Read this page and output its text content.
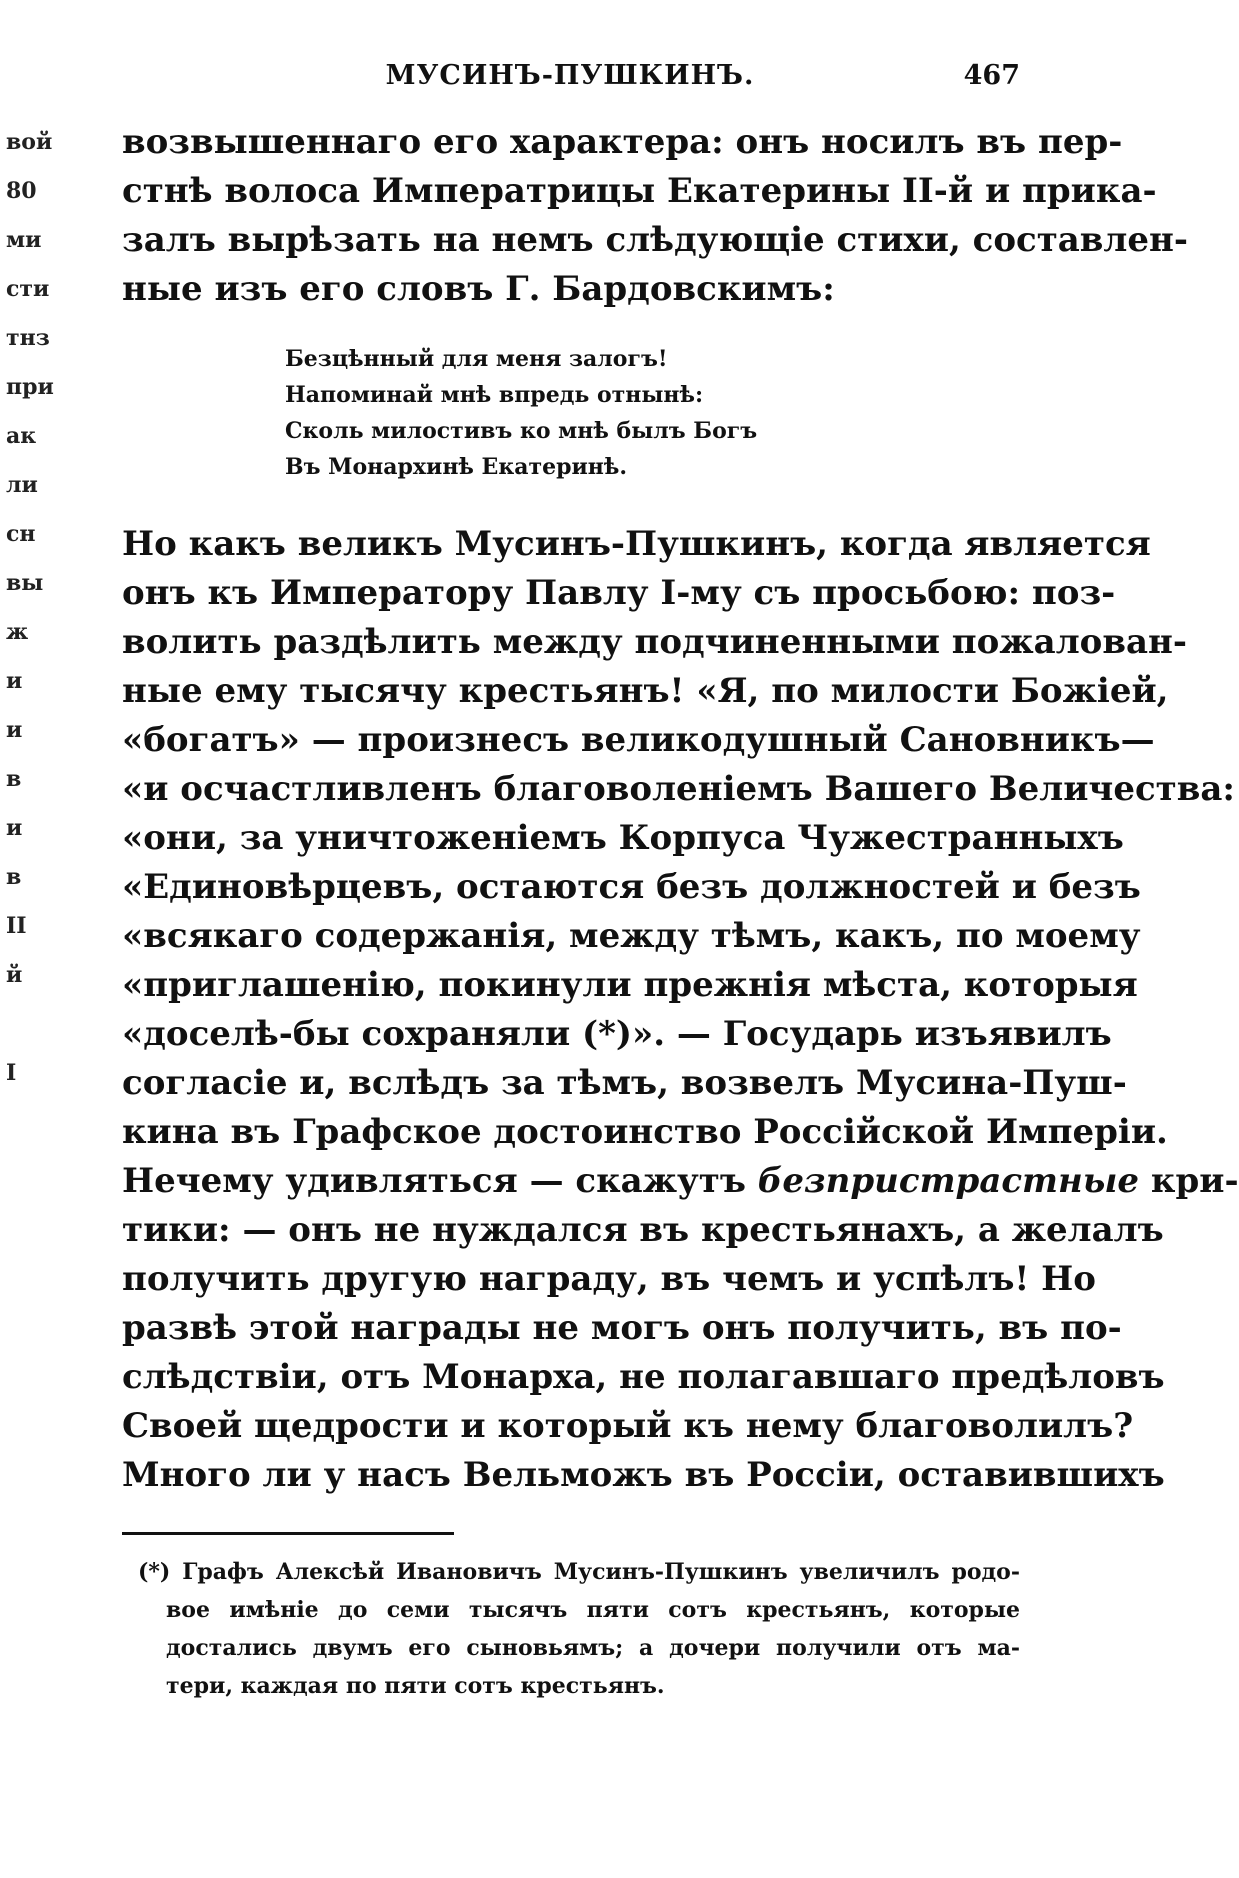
вой
80
ми
сти
тнз
при
ак
ли
сн
вы
ж
и
и
в
и
в
II
й
I
МУСИНЪ-ПУШКИНЪ.	467
возвышеннаго его характера: онъ носилъ въ пер-
стнѣ волоса Императрицы Екатерины II-й и прика-
залъ вырѣзать на немъ слѣдующіе стихи, составлен-
ные изъ его словъ Г. Бардовскимъ:
Безцѣнный для меня залогъ!
Напоминай мнѣ впредь отнынѣ:
Сколь милостивъ ко мнѣ былъ Богъ
Въ Монархинѣ Екатеринѣ.
Но какъ великъ Мусинъ-Пушкинъ, когда является
онъ къ Императору Павлу I-му съ просьбою: поз-
волить раздѣлить между подчиненными пожалован-
ные ему тысячу крестьянъ! «Я, по милости Божіей,
«богатъ» — произнесъ великодушный Сановникъ—
«и осчастливленъ благоволеніемъ Вашего Величества:
«они, за уничтоженіемъ Корпуса Чужестранныхъ
«Единовѣрцевъ, остаются безъ должностей и безъ
«всякаго содержанія, между тѣмъ, какъ, по моему
«приглашенію, покинули прежнія мѣста, которыя
«доселѣ-бы сохраняли (*)». — Государь изъявилъ
согласіе и, вслѣдъ за тѣмъ, возвелъ Мусина-Пуш-
кина въ Графское достоинство Россійской Имперіи.
Нечему удивляться — скажутъ безпристрастные кри-
тики: — онъ не нуждался въ крестьянахъ, а желалъ
получить другую награду, въ чемъ и успѣлъ! Но
развѣ этой награды не могъ онъ получить, въ по-
слѣдствіи, отъ Монарха, не полагавшаго предѣловъ
Своей щедрости и который къ нему благоволилъ?
Много ли у насъ Вельможъ въ Россіи, оставившихъ
(*) Графъ Алексѣй Ивановичъ Мусинъ-Пушкинъ увеличилъ родо-
вое имѣніе до семи тысячъ пяти сотъ крестьянъ, которые
достались двумъ его сыновьямъ; а дочери получили отъ ма-
тери, каждая по пяти сотъ крестьянъ.
